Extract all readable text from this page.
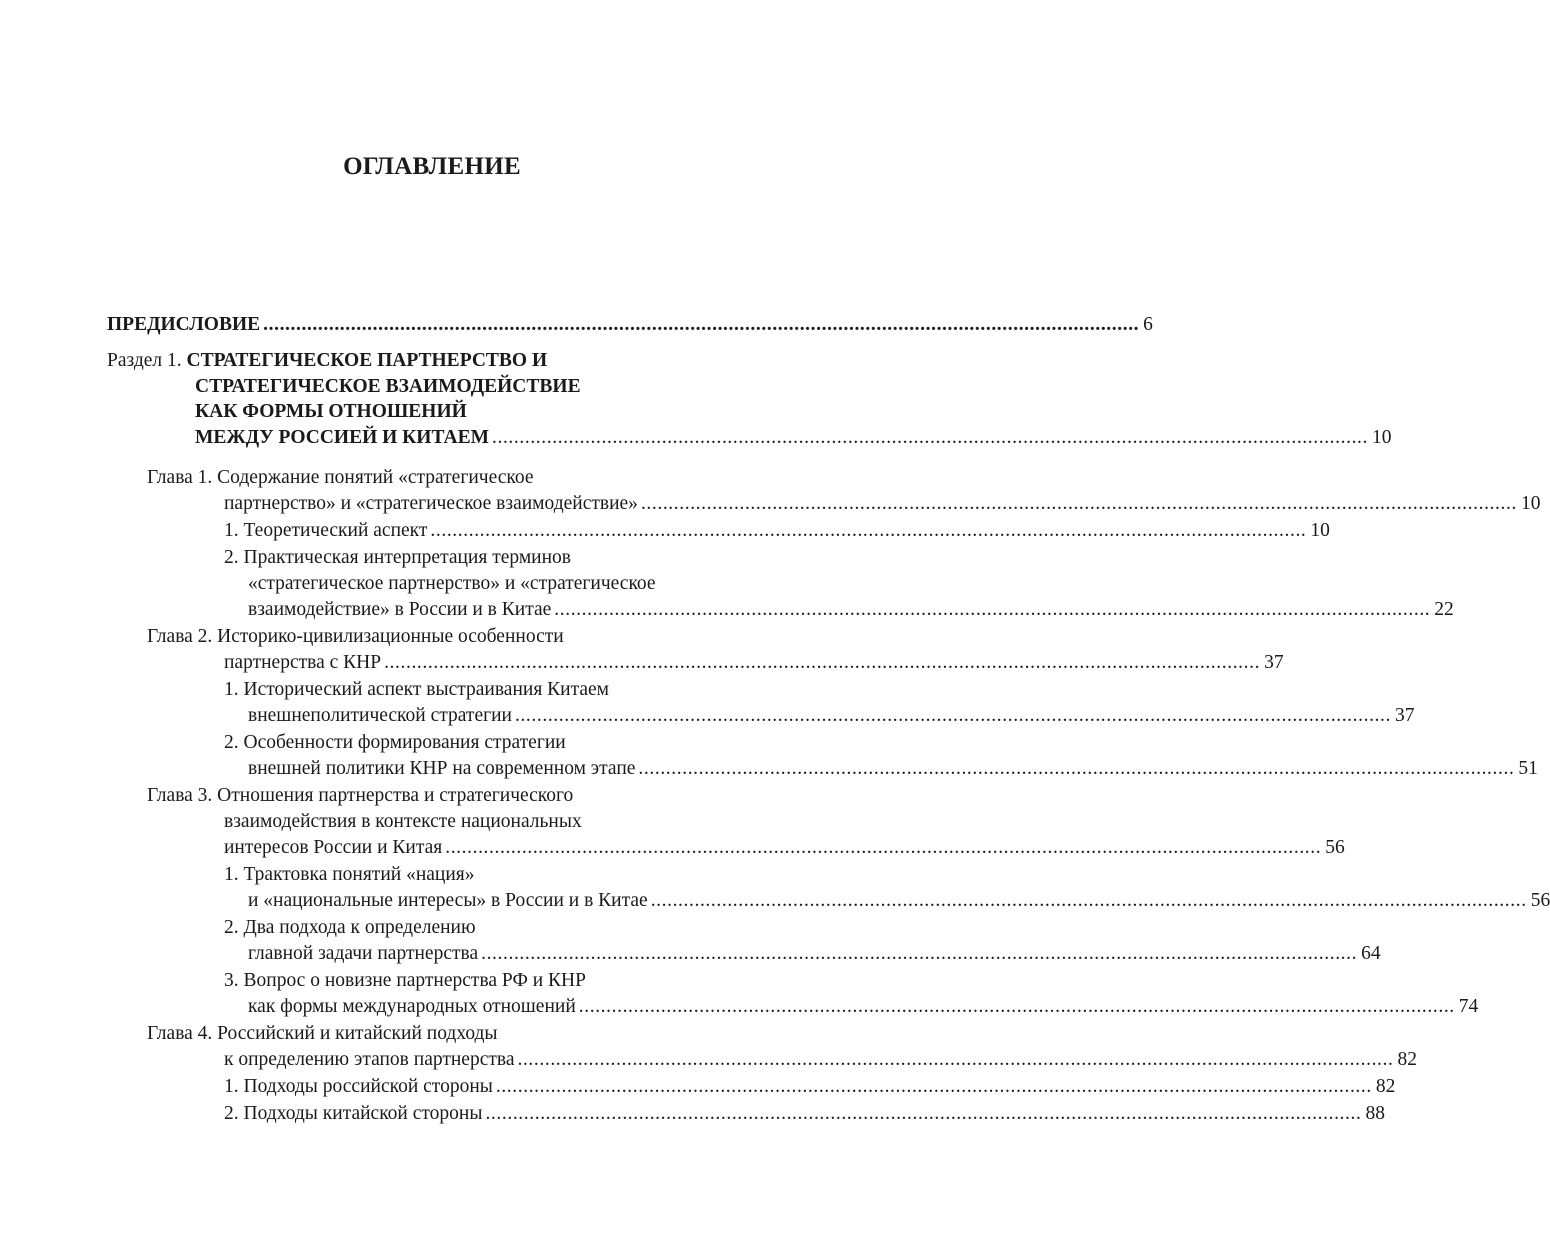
ОГЛАВЛЕНИЕ
ПРЕДИСЛОВИЕ ................................................................................................................................................................ 6
Раздел 1.
СТРАТЕГИЧЕСКОЕ ПАРТНЕРСТВО И
СТРАТЕГИЧЕСКОЕ ВЗАИМОДЕЙСТВИЕ
КАК ФОРМЫ ОТНОШЕНИЙ
МЕЖДУ РОССИЕЙ И КИТАЕМ ................................................................................................................................................................ 10
Глава 1. Содержание понятий «стратегическое
партнерство» и «стратегическое взаимодействие» ................................................................................................................................................................ 10
1. Теоретический аспект ................................................................................................................................................................ 10
2. Практическая интерпретация терминов
«стратегическое партнерство» и «стратегическое
взаимодействие» в России и в Китае ................................................................................................................................................................ 22
Глава 2. Историко-цивилизационные особенности
партнерства с КНР ................................................................................................................................................................ 37
1. Исторический аспект выстраивания Китаем
внешнеполитической стратегии ................................................................................................................................................................ 37
2. Особенности формирования стратегии
внешней политики КНР на современном этапе ................................................................................................................................................................ 51
Глава 3. Отношения партнерства и стратегического
взаимодействия в контексте национальных
интересов России и Китая ................................................................................................................................................................ 56
1. Трактовка понятий «нация»
и «национальные интересы» в России и в Китае ................................................................................................................................................................ 56
2. Два подхода к определению
главной задачи партнерства ................................................................................................................................................................ 64
3. Вопрос о новизне партнерства РФ и КНР
как формы международных отношений ................................................................................................................................................................ 74
Глава 4. Российский и китайский подходы
к определению этапов партнерства ................................................................................................................................................................ 82
1. Подходы российской стороны ................................................................................................................................................................ 82
2. Подходы китайской стороны ................................................................................................................................................................ 88
